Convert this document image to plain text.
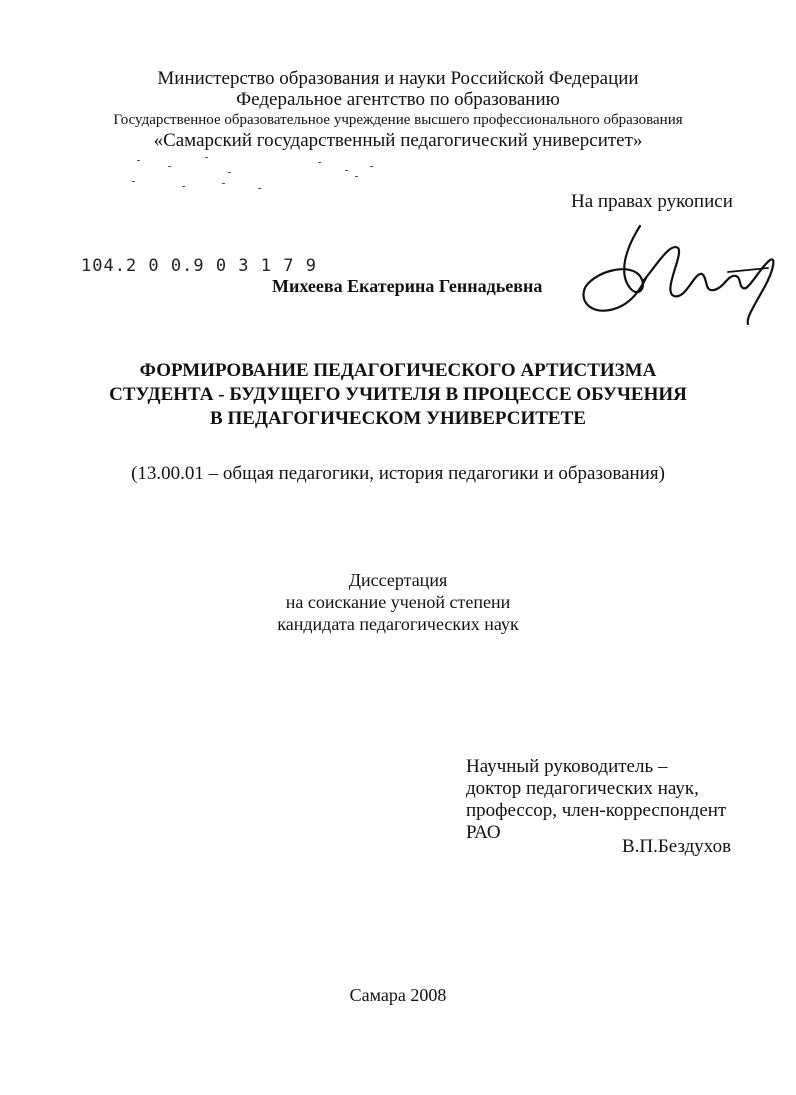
Министерство образования и науки Российской Федерации
Федеральное агентство по образованию
Государственное образовательное учреждение высшего профессионального образования
«Самарский государственный педагогический университет»
На правах рукописи
104.2 0 0.9 0 3 1 7 9
Михеева Екатерина Геннадьевна
ФОРМИРОВАНИЕ ПЕДАГОГИЧЕСКОГО АРТИСТИЗМА
СТУДЕНТА - БУДУЩЕГО УЧИТЕЛЯ В ПРОЦЕССЕ ОБУЧЕНИЯ
В ПЕДАГОГИЧЕСКОМ УНИВЕРСИТЕТЕ
(13.00.01 – общая педагогики, история педагогики и образования)
Диссертация
на соискание ученой степени
кандидата педагогических наук
Научный руководитель –
доктор педагогических наук,
профессор, член-корреспондент
РАО
В.П.Бездухов
Самара 2008
